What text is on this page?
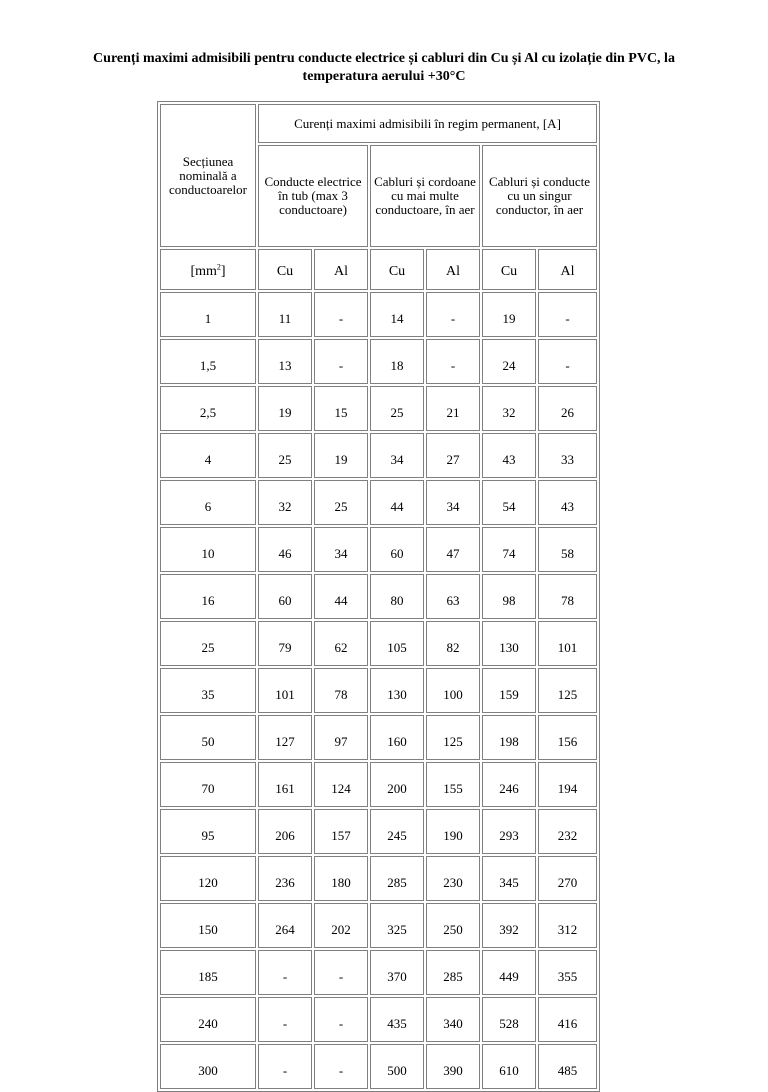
Curenți maximi admisibili pentru conducte electrice și cabluri din Cu și Al cu izolație din PVC, la
temperatura aerului +30°C
Secțiunea nominală a conductoarelor	Curenți maximi admisibili în regim permanent, [A]					
	Conducte electrice în tub (max 3 conductoare)		Cabluri și cordoane cu mai multe conductoare, în aer		Cabluri și conducte cu un singur conductor, în aer	
$[mm^2]$	Cu	Al	Cu	Al	Cu	Al
1	11	-	14	-	19	-
1,5	13	-	18	-	24	-
2,5	19	15	25	21	32	26
4	25	19	34	27	43	33
6	32	25	44	34	54	43
10	46	34	60	47	74	58
16	60	44	80	63	98	78
25	79	62	105	82	130	101
35	101	78	130	100	159	125
50	127	97	160	125	198	156
70	161	124	200	155	246	194
95	206	157	245	190	293	232
120	236	180	285	230	345	270
150	264	202	325	250	392	312
185	-	-	370	285	449	355
240	-	-	435	340	528	416
300	-	-	500	390	610	485
